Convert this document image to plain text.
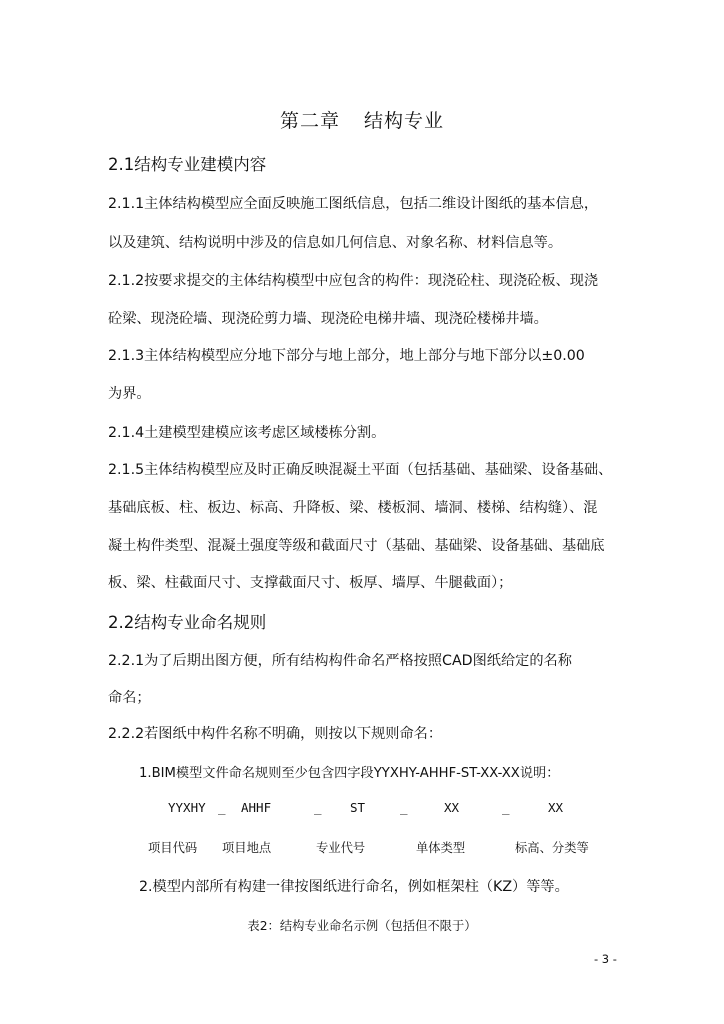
第二章 结构专业
2.1结构专业建模内容
2.1.1主体结构模型应全面反映施工图纸信息，包括二维设计图纸的基本信息，
以及建筑、结构说明中涉及的信息如几何信息、对象名称、材料信息等。
2.1.2按要求提交的主体结构模型中应包含的构件：现浇砼柱、现浇砼板、现浇
砼梁、现浇砼墙、现浇砼剪力墙、现浇砼电梯井墙、现浇砼楼梯井墙。
2.1.3主体结构模型应分地下部分与地上部分，地上部分与地下部分以±0.00
为界。
2.1.4土建模型建模应该考虑区域楼栋分割。
2.1.5主体结构模型应及时正确反映混凝土平面（包括基础、基础梁、设备基础、
基础底板、柱、板边、标高、升降板、梁、楼板洞、墙洞、楼梯、结构缝）、混
凝土构件类型、混凝土强度等级和截面尺寸（基础、基础梁、设备基础、基础底
板、梁、柱截面尺寸、支撑截面尺寸、板厚、墙厚、牛腿截面）；
2.2结构专业命名规则
2.2.1为了后期出图方便，所有结构构件命名严格按照CAD图纸给定的名称
命名；
2.2.2若图纸中构件名称不明确，则按以下规则命名：
1.BIM模型文件命名规则至少包含四字段YYXHY-AHHF-ST-XX-XX说明：
YYXHY _ AHHF	_ ST	_	XX	_	XX
项目代码 项目地点	专业代号	单体类型	标高、分类等
2.模型内部所有构建一律按图纸进行命名，例如框架柱（KZ）等等。
表2：结构专业命名示例（包括但不限于）
- 3 -
